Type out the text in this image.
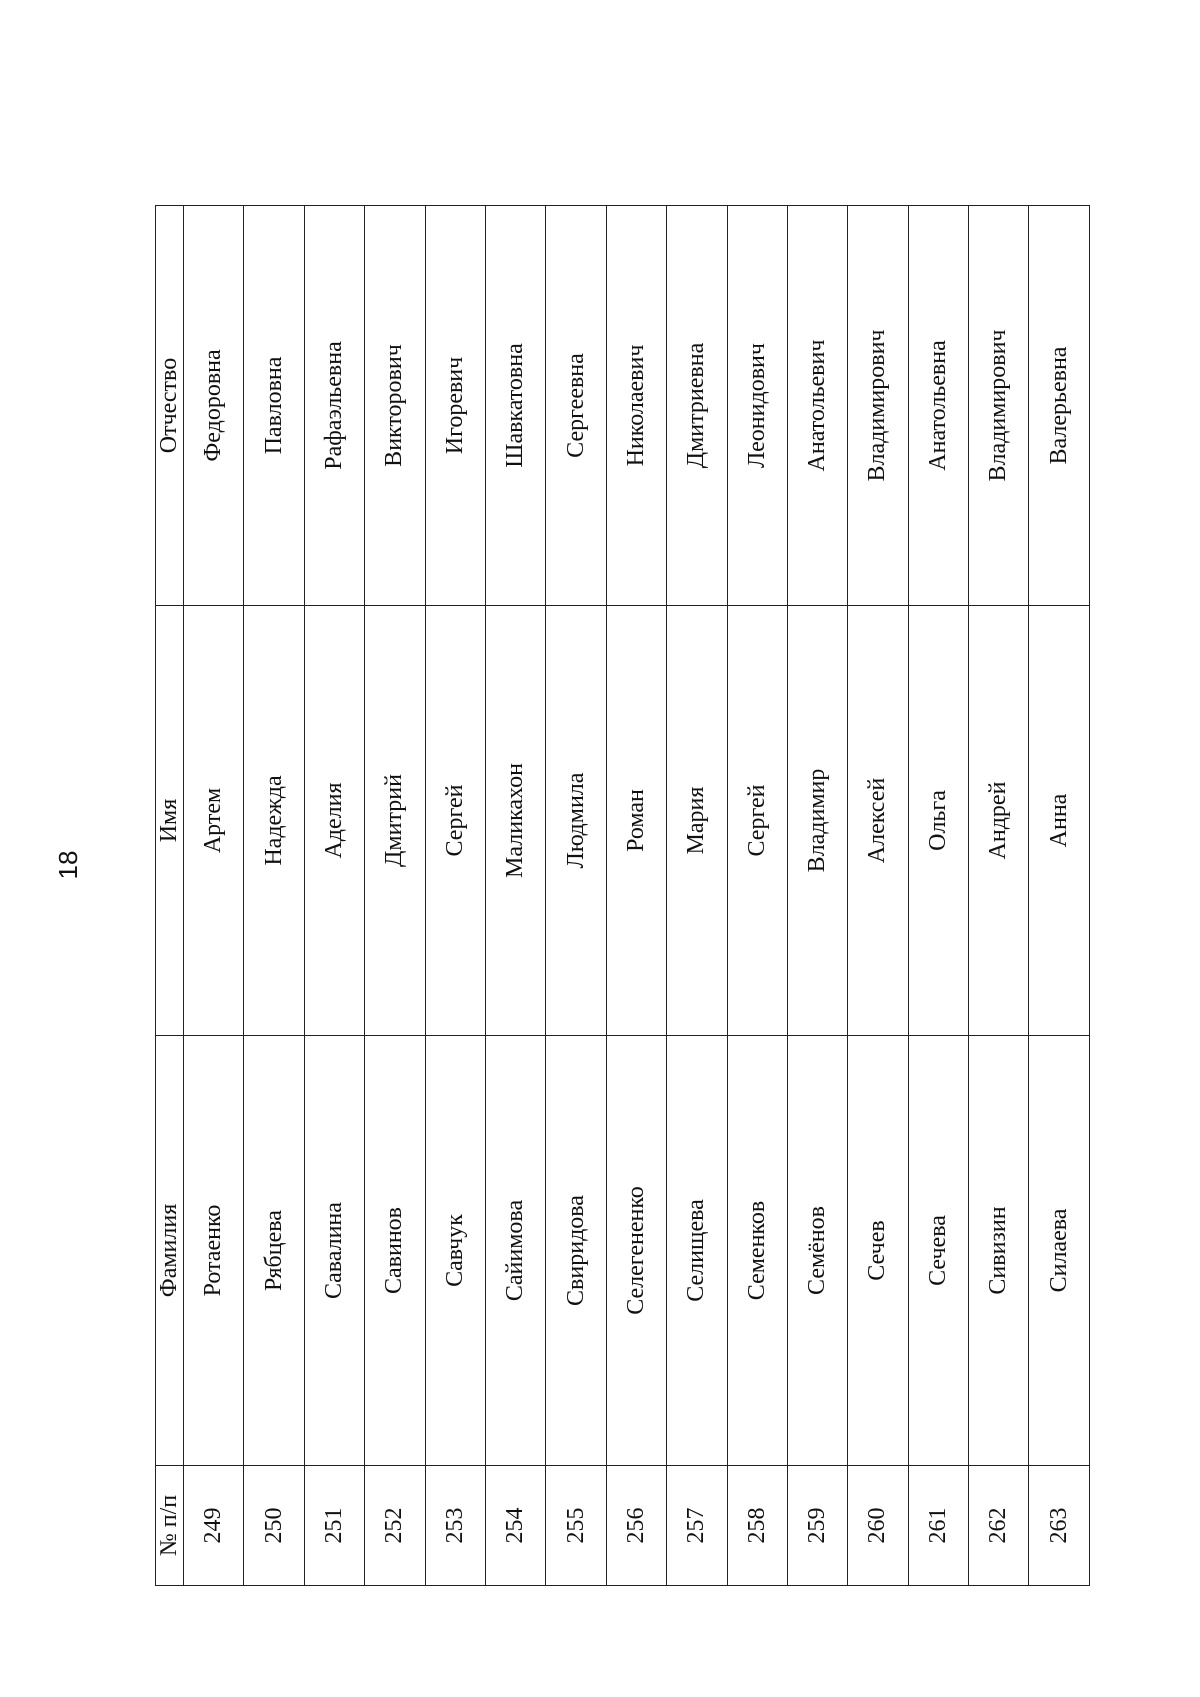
18
№ п/п	Фамилия	Имя	Отчество
249	Ротаенко	Артем	Федоровна
250	Рябцева	Надежда	Павловна
251	Савалина	Аделия	Рафаэльевна
252	Савинов	Дмитрий	Викторович
253	Савчук	Сергей	Игоревич
254	Сайимова	Маликахон	Шавкатовна
255	Свиридова	Людмила	Сергеевна
256	Селегененко	Роман	Николаевич
257	Селищева	Мария	Дмитриевна
258	Семенков	Сергей	Леонидович
259	Семёнов	Владимир	Анатольевич
260	Сечев	Алексей	Владимирович
261	Сечева	Ольга	Анатольевна
262	Сивизин	Андрей	Владимирович
263	Силаева	Анна	Валерьевна
